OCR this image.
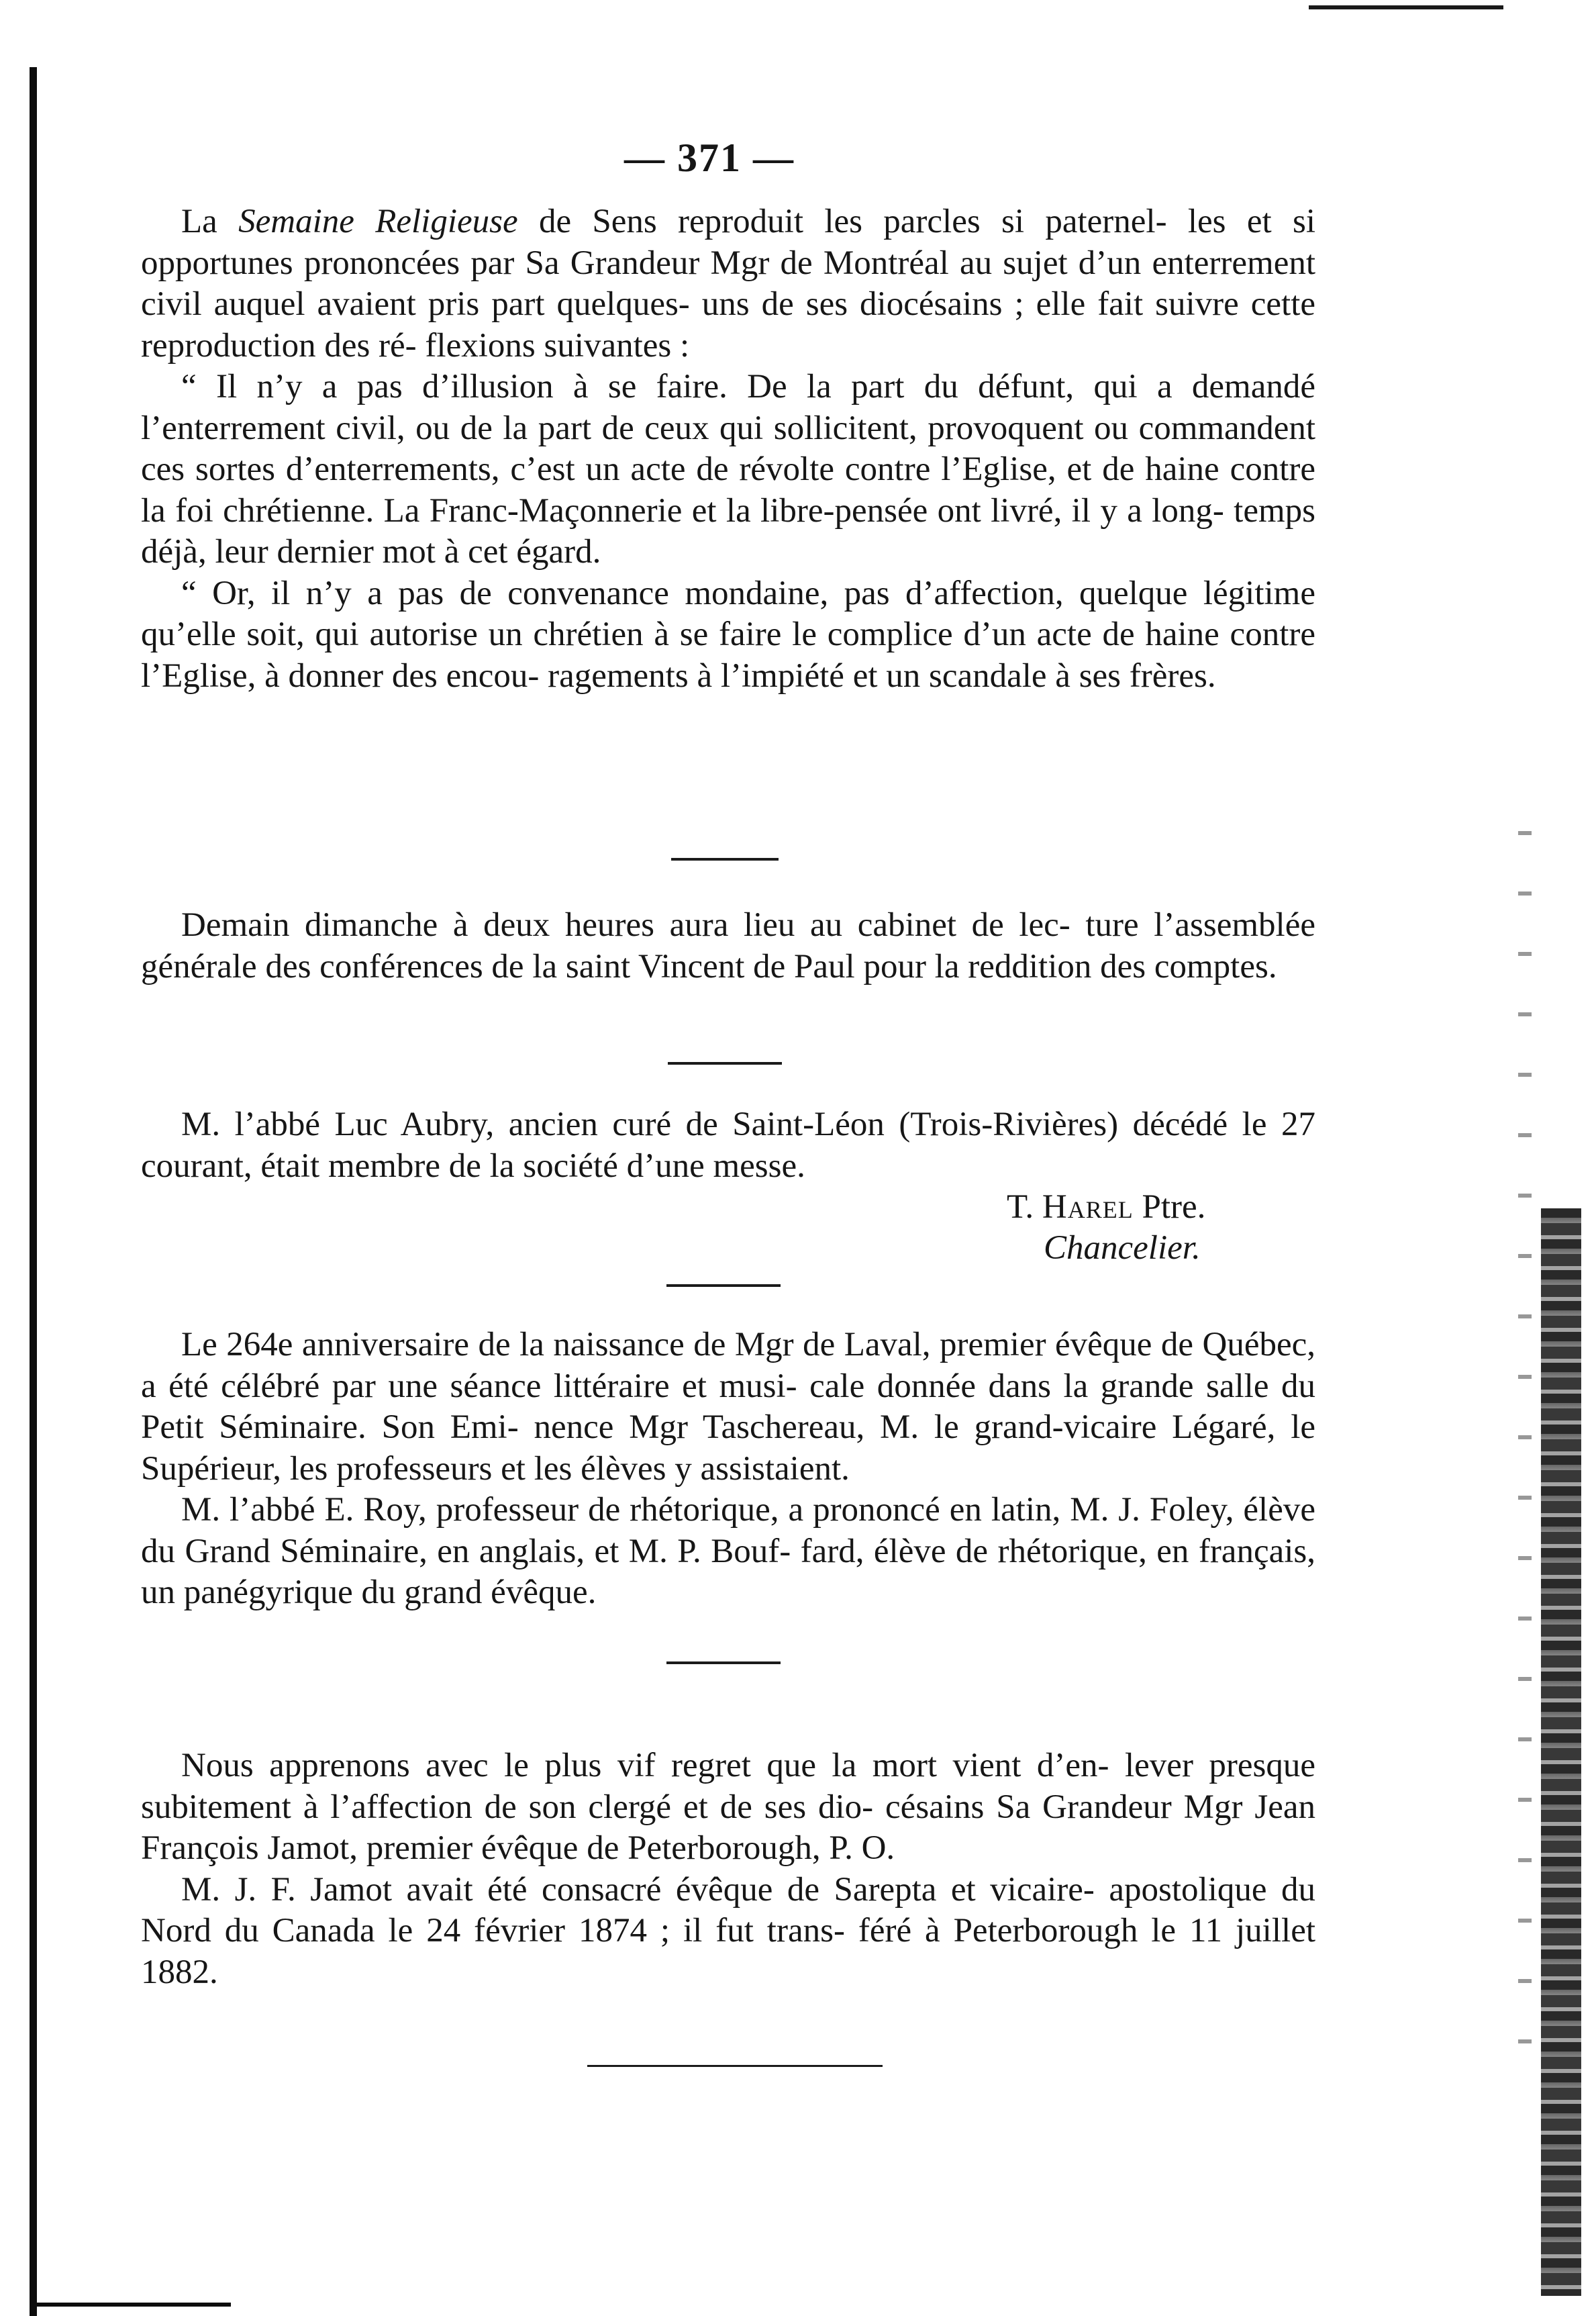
— 371 —

La Semaine Religieuse de Sens reproduit les parcles si paternel- les et si opportunes prononcées par Sa Grandeur Mgr de Montréal au sujet d’un enterrement civil auquel avaient pris part quelques- uns de ses diocésains ; elle fait suivre cette reproduction des ré- flexions suivantes :

“ Il n’y a pas d’illusion à se faire. De la part du défunt, qui a demandé l’enterrement civil, ou de la part de ceux qui sollicitent, provoquent ou commandent ces sortes d’enterrements, c’est un acte de révolte contre l’Eglise, et de haine contre la foi chrétienne. La Franc-Maçonnerie et la libre-pensée ont livré, il y a long- temps déjà, leur dernier mot à cet égard.

“ Or, il n’y a pas de convenance mondaine, pas d’affection, quelque légitime qu’elle soit, qui autorise un chrétien à se faire le complice d’un acte de haine contre l’Eglise, à donner des encou- ragements à l’impiété et un scandale à ses frères.

Demain dimanche à deux heures aura lieu au cabinet de lec- ture l’assemblée générale des conférences de la saint Vincent de Paul pour la reddition des comptes.

M. l’abbé Luc Aubry, ancien curé de Saint-Léon (Trois-Rivières) décédé le 27 courant, était membre de la société d’une messe.

T. Harel Ptre.
Chancelier.

Le 264e anniversaire de la naissance de Mgr de Laval, premier évêque de Québec, a été célébré par une séance littéraire et musi- cale donnée dans la grande salle du Petit Séminaire. Son Emi- nence Mgr Taschereau, M. le grand-vicaire Légaré, le Supérieur, les professeurs et les élèves y assistaient.

M. l’abbé E. Roy, professeur de rhétorique, a prononcé en latin, M. J. Foley, élève du Grand Séminaire, en anglais, et M. P. Bouf- fard, élève de rhétorique, en français, un panégyrique du grand évêque.

Nous apprenons avec le plus vif regret que la mort vient d’en- lever presque subitement à l’affection de son clergé et de ses dio- césains Sa Grandeur Mgr Jean François Jamot, premier évêque de Peterborough, P. O.

M. J. F. Jamot avait été consacré évêque de Sarepta et vicaire- apostolique du Nord du Canada le 24 février 1874 ; il fut trans- féré à Peterborough le 11 juillet 1882.
